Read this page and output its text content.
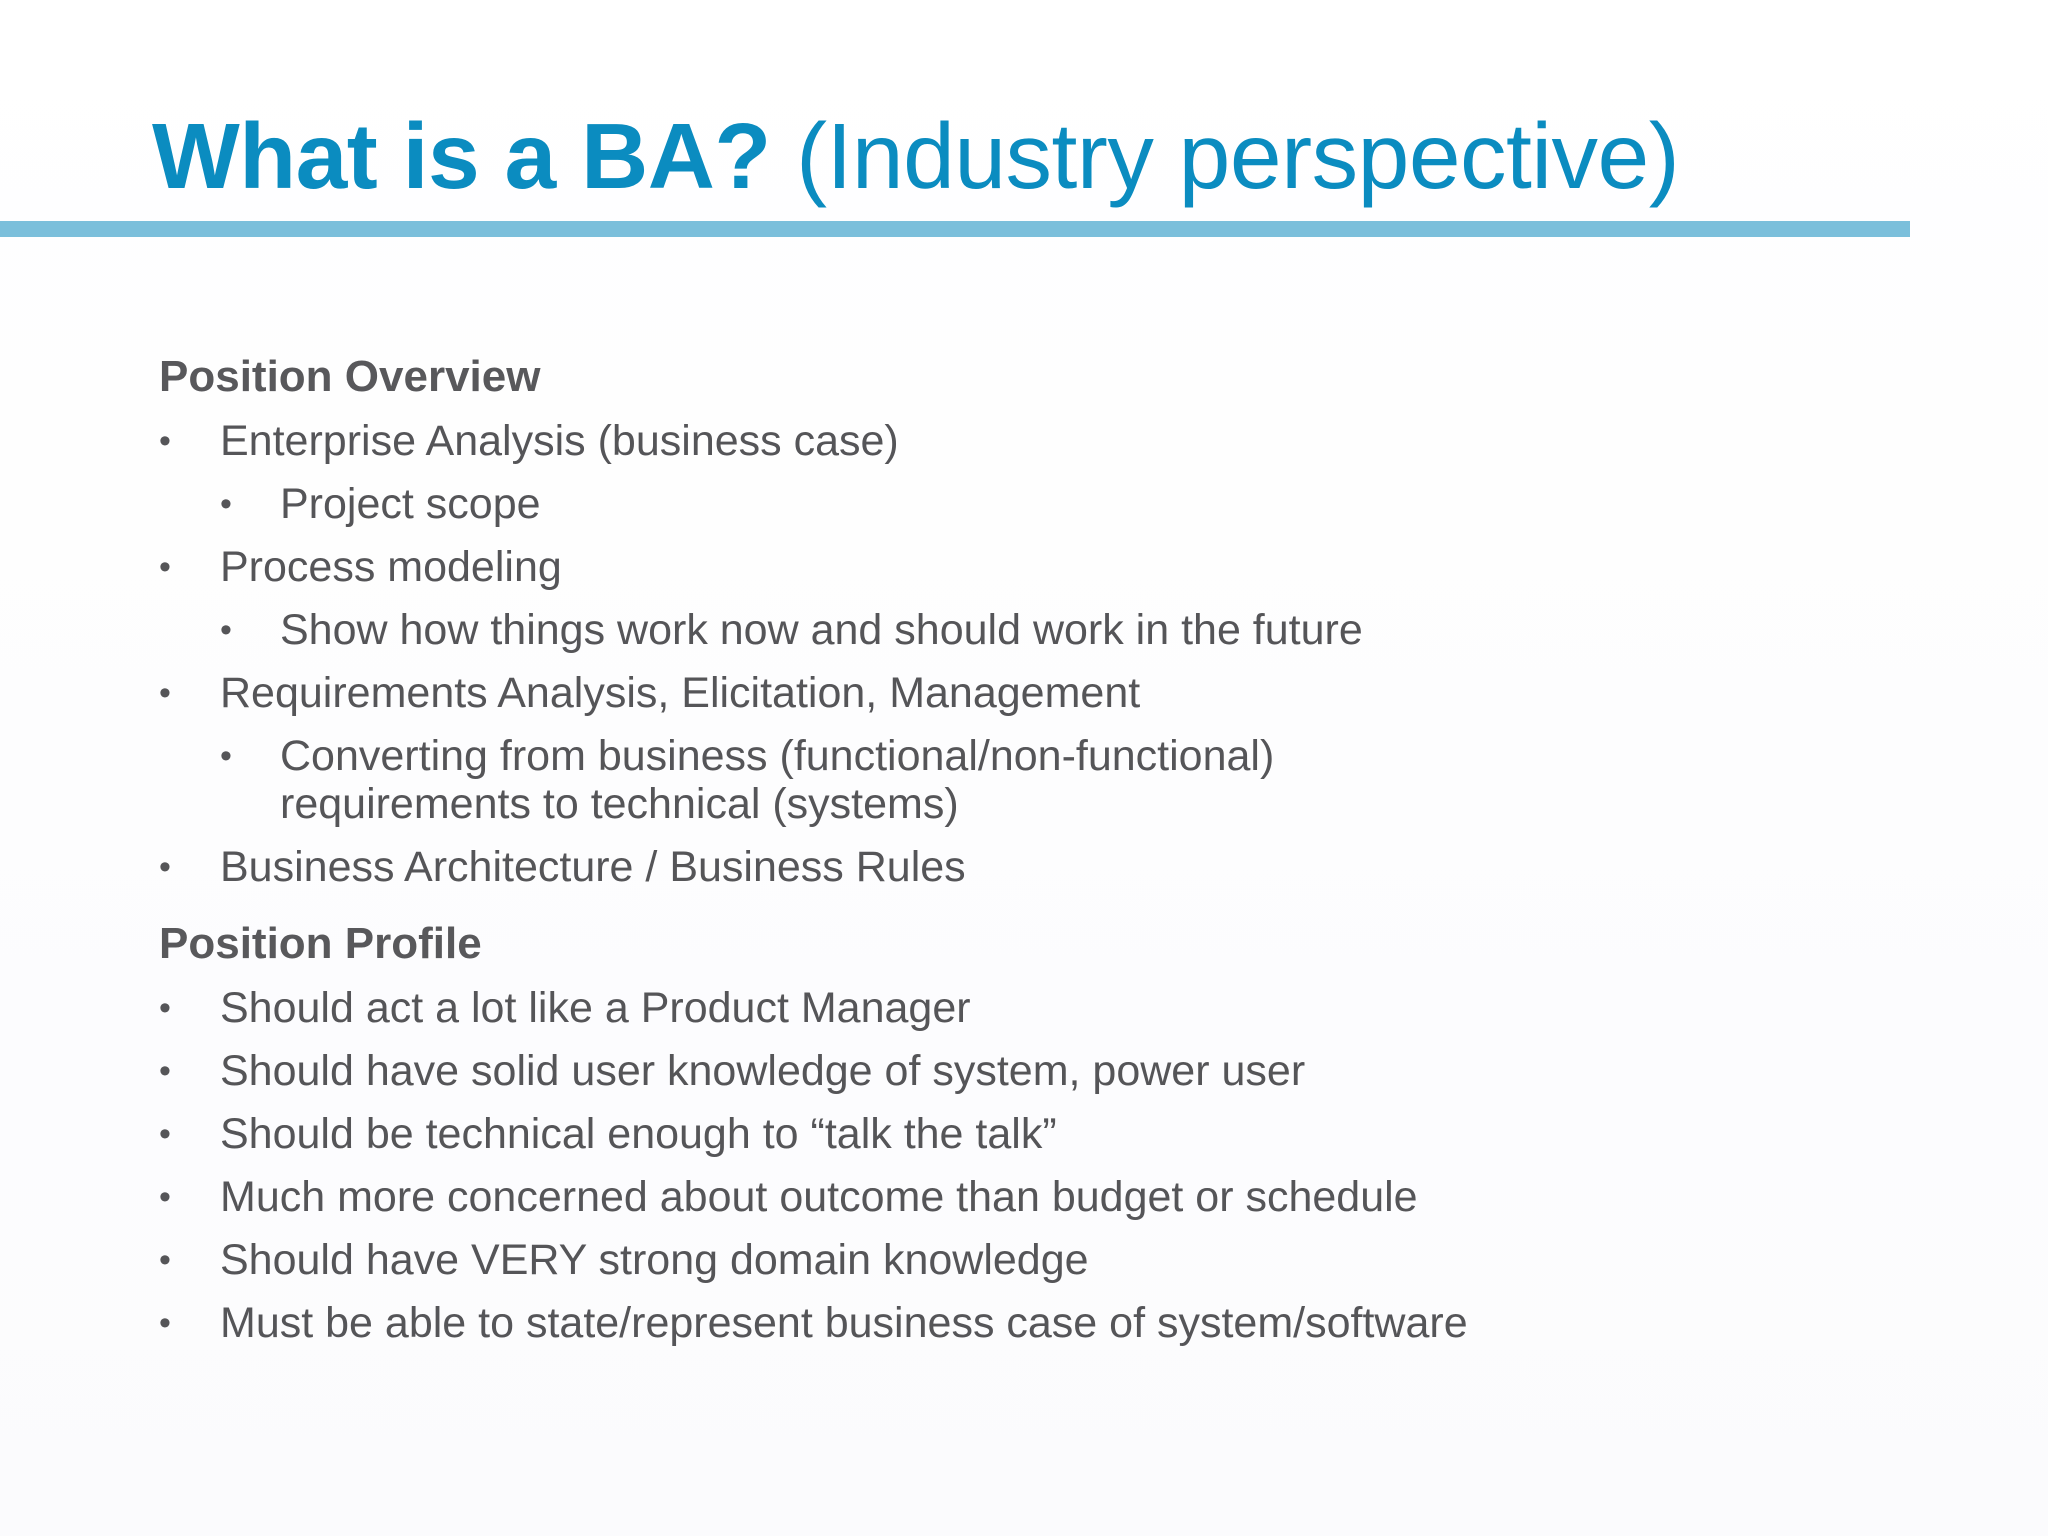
What is a BA? (Industry perspective)
Position Overview
• Enterprise Analysis (business case)
• Project scope
• Process modeling
• Show how things work now and should work in the future
• Requirements Analysis, Elicitation, Management
• Converting from business (functional/non-functional) requirements to technical (systems)
• Business Architecture / Business Rules
Position Profile
• Should act a lot like a Product Manager
• Should have solid user knowledge of system, power user
• Should be technical enough to “talk the talk”
• Much more concerned about outcome than budget or schedule
• Should have VERY strong domain knowledge
• Must be able to state/represent business case of system/software
